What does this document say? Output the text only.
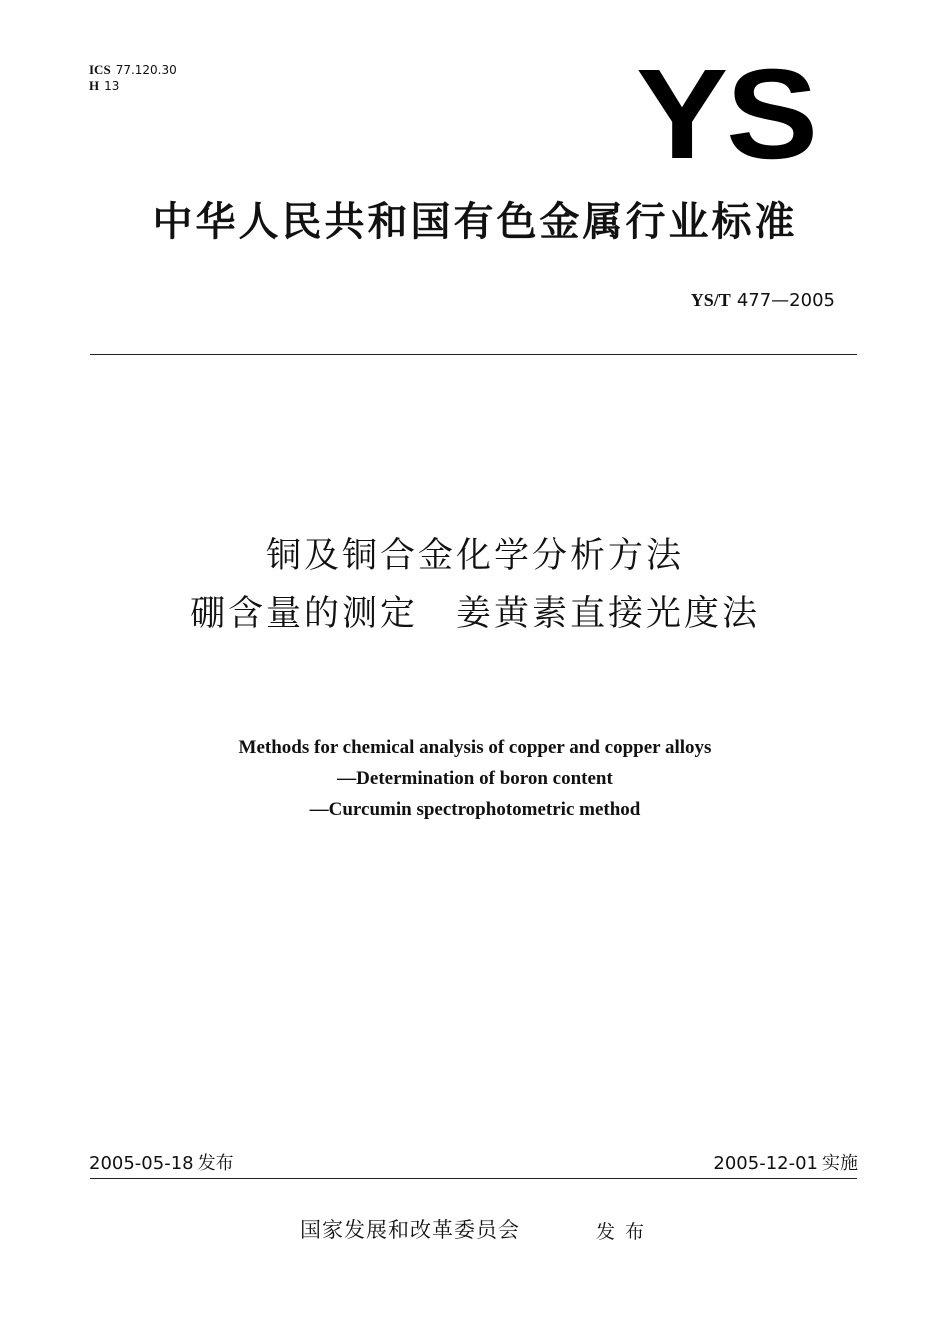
ICS 77.120.30
H 13	YS
中华人民共和国有色金属行业标准
YS/T 477—2005
铜及铜合金化学分析方法
硼含量的测定　姜黄素直接光度法
Methods for chemical analysis of copper and copper alloys
—Determination of boron content
—Curcumin spectrophotometric method
2005-05-18 发布	2005-12-01 实施
国家发展和改革委员会	发布
